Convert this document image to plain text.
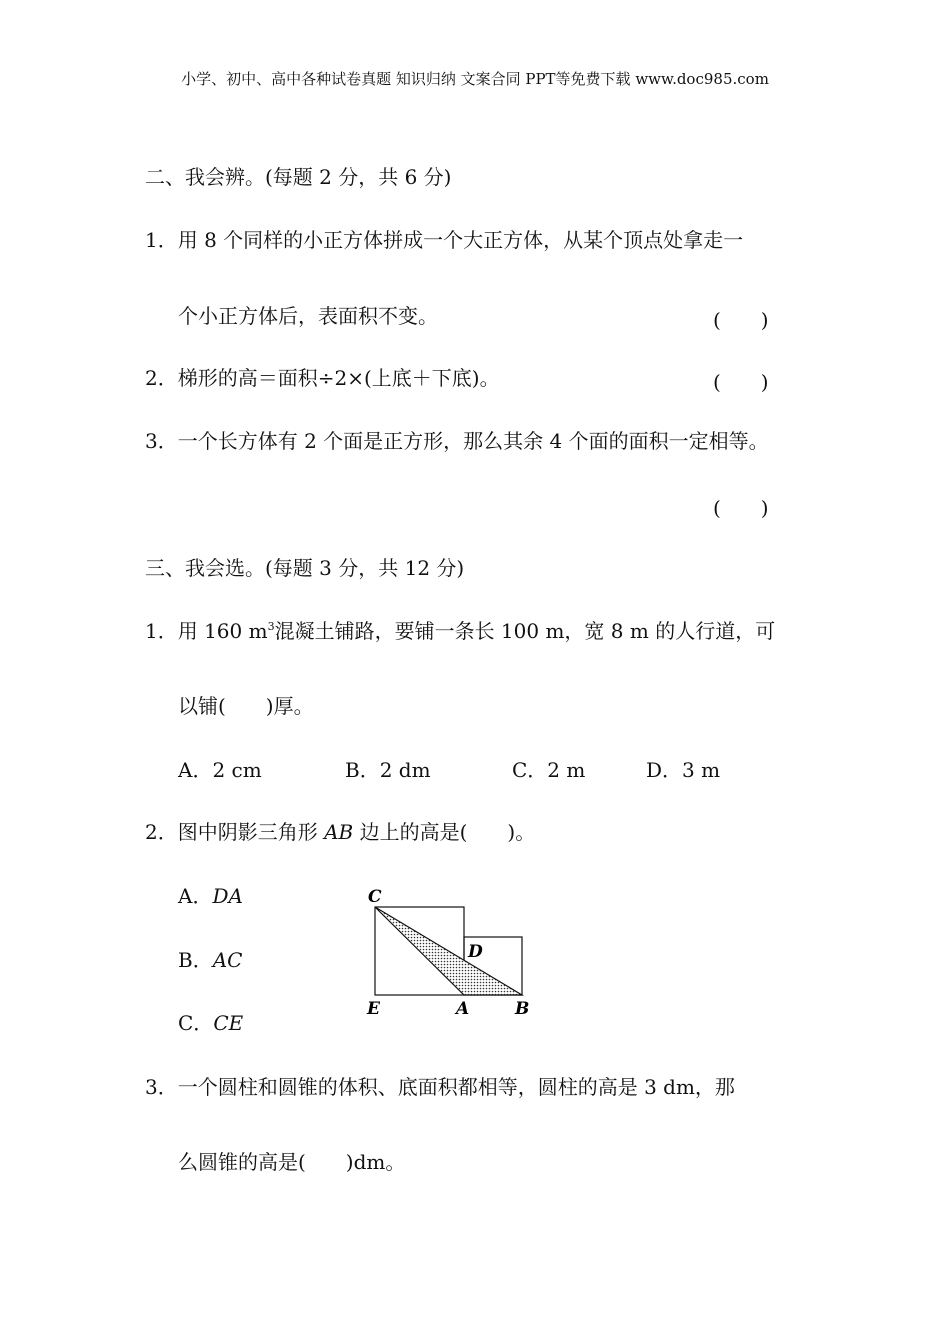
小学、初中、高中各种试卷真题 知识归纳 文案合同 PPT等免费下载 www.doc985.com
二、我会辨。(每题 2 分，共 6 分)
1．用 8 个同样的小正方体拼成一个大正方体，从某个顶点处拿走一
个小正方体后，表面积不变。	(　　)
2．梯形的高＝面积÷2×(上底＋下底)。	(　　)
3．一个长方体有 2 个面是正方形，那么其余 4 个面的面积一定相等。
(　　)
三、我会选。(每题 3 分，共 12 分)
1．用 160 $m^3$混凝土铺路，要铺一条长 100 m，宽 8 m 的人行道，可
以铺(　　)厚。
A．2 cm	B．2 dm	C．2 m	D．3 m
2．图中阴影三角形 AB 边上的高是(　　)。
A．DA
B．AC
C．CE
C
D
E	A	B
3．一个圆柱和圆锥的体积、底面积都相等，圆柱的高是 3 dm，那
么圆锥的高是(　　)dm。
